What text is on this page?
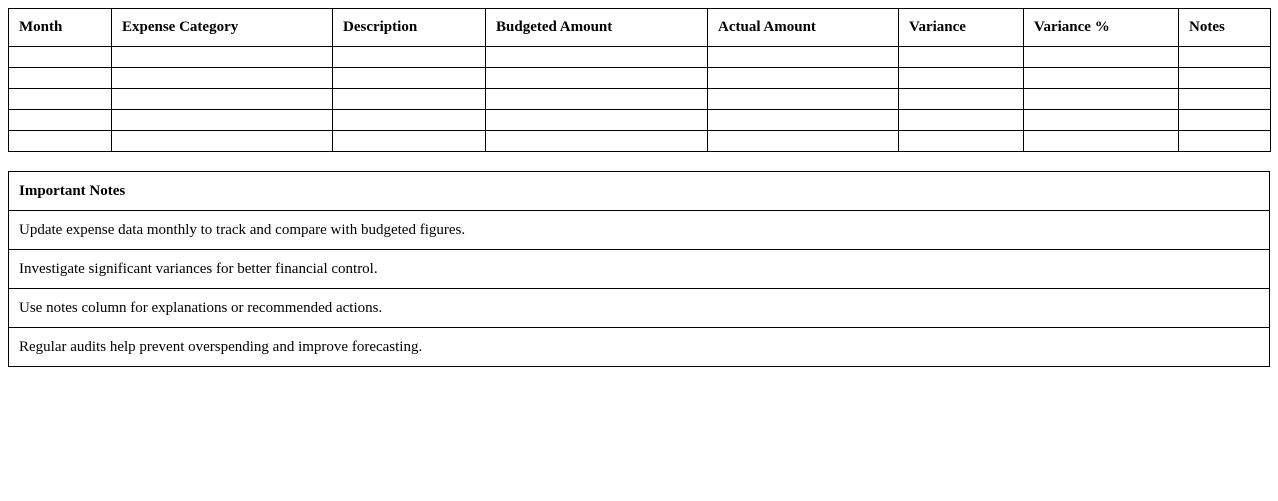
Month	Expense Category	Description	Budgeted Amount	Actual Amount	Variance	Variance %	Notes

Important Notes
Update expense data monthly to track and compare with budgeted figures.
Investigate significant variances for better financial control.
Use notes column for explanations or recommended actions.
Regular audits help prevent overspending and improve forecasting.
